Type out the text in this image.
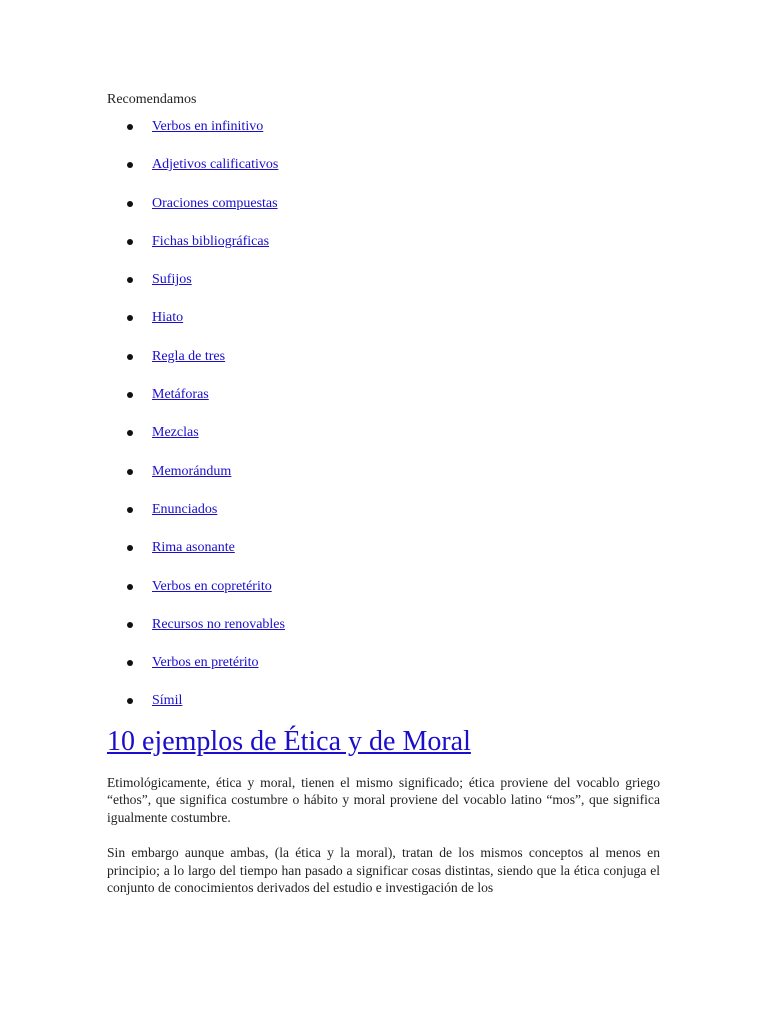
Recomendamos

Verbos en infinitivo
Adjetivos calificativos
Oraciones compuestas
Fichas bibliográficas
Sufijos
Hiato
Regla de tres
Metáforas
Mezclas
Memorándum
Enunciados
Rima asonante
Verbos en copretérito
Recursos no renovables
Verbos en pretérito
Símil
10 ejemplos de Ética y de Moral

Etimológicamente, ética y moral, tienen el mismo significado; ética proviene del vocablo griego “ethos”, que significa costumbre o hábito y moral proviene del vocablo latino “mos”, que significa igualmente costumbre.

Sin embargo aunque ambas, (la ética y la moral), tratan de los mismos conceptos al menos en principio; a lo largo del tiempo han pasado a significar cosas distintas, siendo que la ética conjuga el conjunto de conocimientos derivados del estudio e investigación de los
